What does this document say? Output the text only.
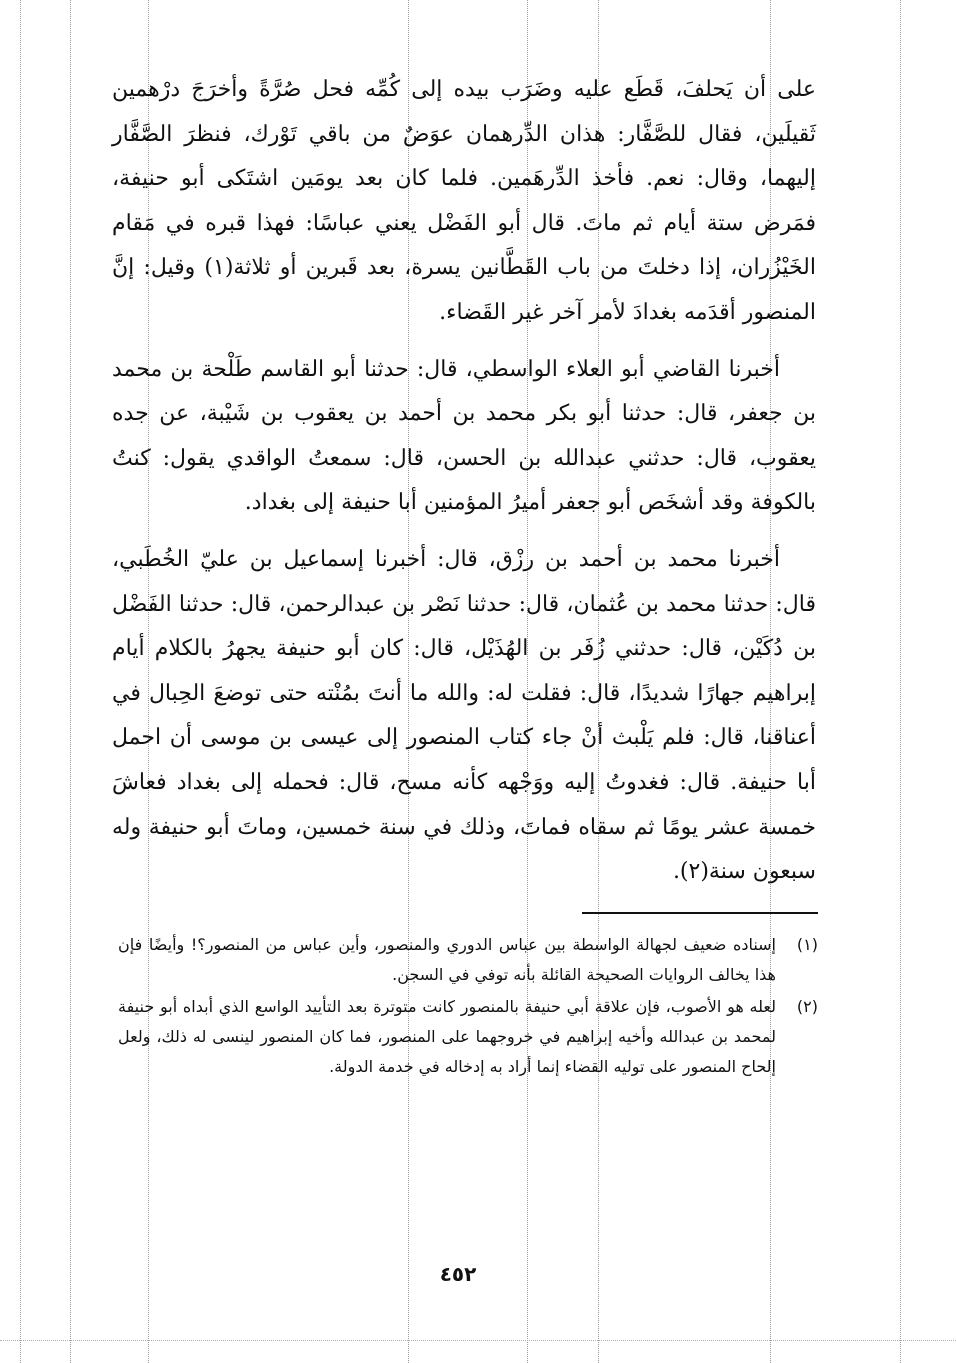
على أن يَحلفَ، قَطَع عليه وضَرَب بيده إلى كُمِّه فحل صُرَّةً وأخرَجَ درْهمين ثَقيلَين، فقال للصَّفَّار: هذان الدِّرهمان عوَضٌ من باقي تَوْرك، فنظرَ الصَّفَّار إليهما، وقال: نعم. فأخذ الدِّرهَمين. فلما كان بعد يومَين اشتَكى أبو حنيفة، فمَرض ستة أيام ثم ماتَ. قال أبو الفَضْل يعني عباسًا: فهذا قبره في مَقام الخَيْزُران، إذا دخلتَ من باب القَطَّانين يسرة، بعد قَبرين أو ثلاثة(١) وقيل: إنَّ المنصور أقدَمه بغدادَ لأمر آخر غير القَضاء.

أخبرنا القاضي أبو العلاء الواسطي، قال: حدثنا أبو القاسم طَلْحة بن محمد بن جعفر، قال: حدثنا أبو بكر محمد بن أحمد بن يعقوب بن شَيْبة، عن جده يعقوب، قال: حدثني عبدالله بن الحسن، قال: سمعتُ الواقدي يقول: كنتُ بالكوفة وقد أشخَص أبو جعفر أميرُ المؤمنين أبا حنيفة إلى بغداد.

أخبرنا محمد بن أحمد بن رزْق، قال: أخبرنا إسماعيل بن عليّ الخُطَبي، قال: حدثنا محمد بن عُثمان، قال: حدثنا نَصْر بن عبدالرحمن، قال: حدثنا الفَضْل بن دُكَيْن، قال: حدثني زُفَر بن الهُذَيْل، قال: كان أبو حنيفة يجهرُ بالكلام أيام إبراهيم جهارًا شديدًا، قال: فقلت له: والله ما أنتَ بمُنْته حتى توضعَ الحِبال في أعناقنا، قال: فلم يَلْبث أنْ جاء كتاب المنصور إلى عيسى بن موسى أن احمل أبا حنيفة. قال: فغدوتُ إليه ووَجْهه كأنه مسح، قال: فحمله إلى بغداد فعاشَ خمسة عشر يومًا ثم سقاه فماتَ، وذلك في سنة خمسين، وماتَ أبو حنيفة وله سبعون سنة(٢).

(١)
إسناده ضعيف لجهالة الواسطة بين عباس الدوري والمنصور، وأين عباس من المنصور؟! وأيضًا فإن هذا يخالف الروايات الصحيحة القائلة بأنه توفي في السجن.
(٢)
لعله هو الأصوب، فإن علاقة أبي حنيفة بالمنصور كانت متوترة بعد التأييد الواسع الذي أبداه أبو حنيفة لمحمد بن عبدالله وأخيه إبراهيم في خروجهما على المنصور، فما كان المنصور لينسى له ذلك، ولعل إلحاح المنصور على توليه القضاء إنما أراد به إدخاله في خدمة الدولة.
٤٥٢
